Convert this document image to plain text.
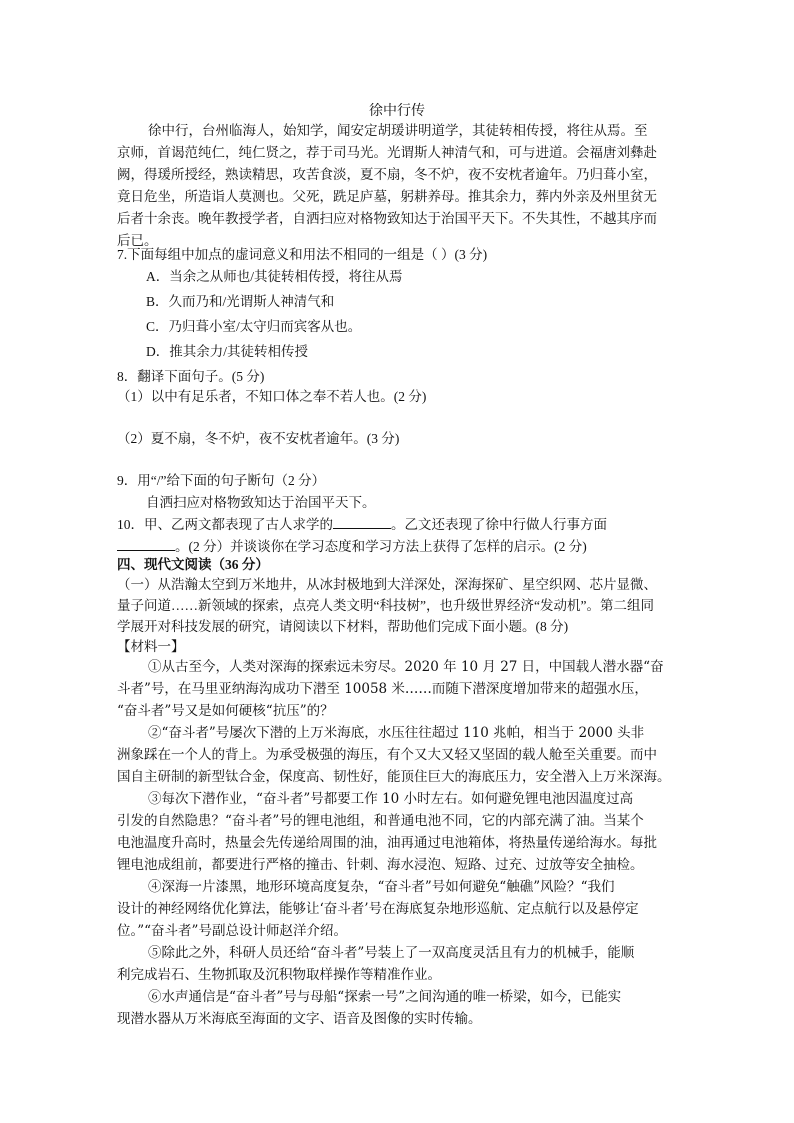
徐中行传
徐中行，台州临海人，始知学，闻安定胡瑗讲明道学，其徒转相传授，将往从焉。至
京师，首谒范纯仁，纯仁贤之，荐于司马光。光谓斯人神清气和，可与进道。会福唐刘彝赴
阙，得瑗所授经，熟读精思，攻苦食淡，夏不扇，冬不炉，夜不安枕者逾年。乃归葺小室，
竟日危坐，所造诣人莫测也。父死，跣足庐墓，躬耕养母。推其余力，葬内外亲及州里贫无
后者十余丧。晚年教授学者，自洒扫应对格物致知达于治国平天下。不失其性，不越其序而
后已。
7.下面每组中加点的虚词意义和用法不相同的一组是（ ）(3 分)
A．当余之从师也/其徒转相传授，将往从焉
B．久而乃和/光谓斯人神清气和
C．乃归葺小室/太守归而宾客从也。
D．推其余力/其徒转相传授
8．翻译下面句子。(5 分)
（1）以中有足乐者，不知口体之奉不若人也。(2 分)
（2）夏不扇，冬不炉，夜不安枕者逾年。(3 分)
9．用“/”给下面的句子断句（2 分）
自洒扫应对格物致知达于治国平天下。
10．甲、乙两文都表现了古人求学的	。乙文还表现了徐中行做人行事方面
。(2 分）并谈谈你在学习态度和学习方法上获得了怎样的启示。(2 分)
四、现代文阅读（36 分）
（一）从浩瀚太空到万米地井，从冰封极地到大洋深处，深海探矿、星空织网、芯片显微、
量子问道……新领域的探索，点亮人类文明“科技树”，也升级世界经济“发动机”。第二组同
学展开对科技发展的研究，请阅读以下材料，帮助他们完成下面小题。(8 分)
【材料一】
①从古至今，人类对深海的探索远未穷尽。2020 年 10 月 27 日，中国载人潜水器“奋
斗者”号，在马里亚纳海沟成功下潜至 10058 米……而随下潜深度增加带来的超强水压，
“奋斗者”号又是如何硬核“抗压”的？
②“奋斗者”号屡次下潜的上万米海底，水压往往超过 110 兆帕，相当于 2000 头非
洲象踩在一个人的背上。为承受极强的海压，有个又大又轻又坚固的载人舱至关重要。而中
国自主研制的新型钛合金，保度高、韧性好，能顶住巨大的海底压力，安全潜入上万米深海。
③每次下潜作业，“奋斗者”号都要工作 10 小时左右。如何避免锂电池因温度过高
引发的自然隐患？“奋斗者”号的锂电池组，和普通电池不同，它的内部充满了油。当某个
电池温度升高时，热量会先传递给周围的油，油再通过电池箱体，将热量传递给海水。每批
锂电池成组前，都要进行严格的撞击、针刺、海水浸泡、短路、过充、过放等安全抽检。
④深海一片漆黑，地形环境高度复杂，“奋斗者”号如何避免“触礁”风险？“我们
设计的神经网络优化算法，能够让‘奋斗者’号在海底复杂地形巡航、定点航行以及悬停定
位。”“奋斗者”号副总设计师赵洋介绍。
⑤除此之外，科研人员还给“奋斗者”号装上了一双高度灵活且有力的机械手，能顺
利完成岩石、生物抓取及沉积物取样操作等精准作业。
⑥水声通信是“奋斗者”号与母船“探索一号”之间沟通的唯一桥梁，如今，已能实
现潜水器从万米海底至海面的文字、语音及图像的实时传输。
